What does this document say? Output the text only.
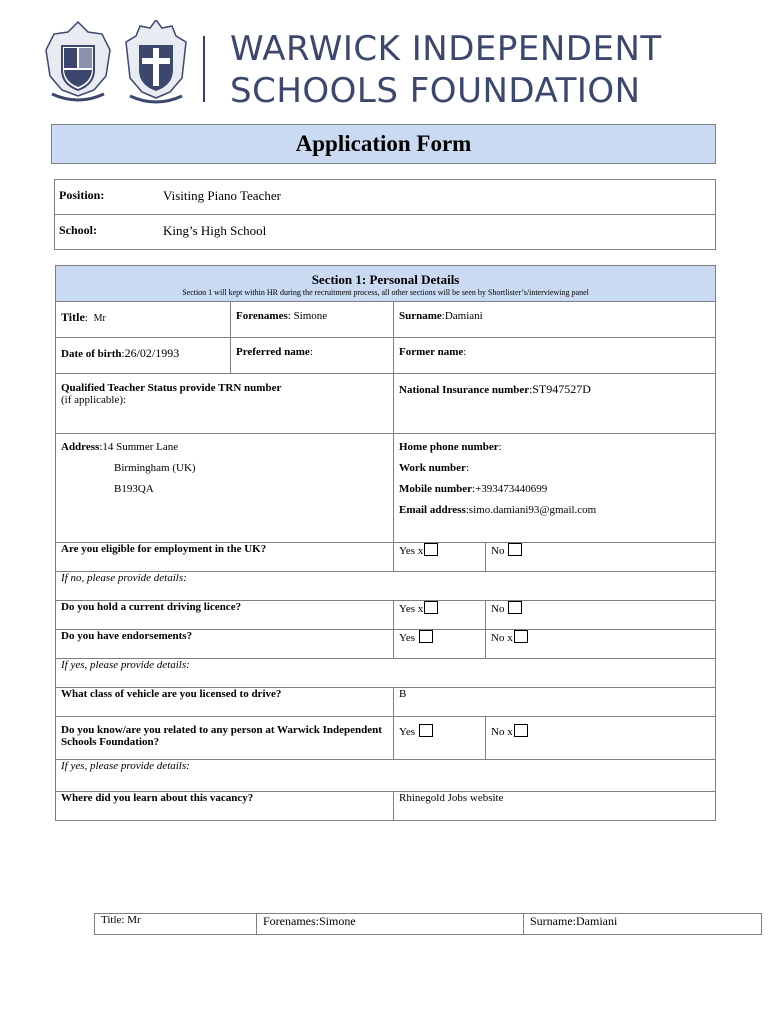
WARWICK INDEPENDENT
SCHOOLS FOUNDATION
Application Form
Position:	Visiting Piano Teacher
School:	King’s High School
Section 1: Personal Details
Section 1 will kept within HR during the recruitment process, all other sections will be seen by Shortlister’s/interviewing panel			

Title: Mr	Forenames: Simone	Surname:Damiani	
Date of birth:26/02/1993	Preferred name:	Former name:	
Qualified Teacher Status provide TRN number
(if applicable):		National Insurance number:ST947527D	

Address:14 Summer Lane
Birmingham (UK)
B193QA		Home phone number:
Work number:
Mobile number:+393473440699
Email address:simo.damiani93@gmail.com	

Are you eligible for employment in the UK?		Yes x	No
If no, please provide details:			
Do you hold a current driving licence?		Yes x	No
Do you have endorsements?		Yes	No x
If yes, please provide details:			
What class of vehicle are you licensed to drive?		B	
Do you know/are you related to any person at Warwick Independent Schools Foundation?		Yes	No x
If yes, please provide details:			
Where did you learn about this vacancy?		Rhinegold Jobs website	
Title: Mr	Forenames:Simone	Surname:Damiani
